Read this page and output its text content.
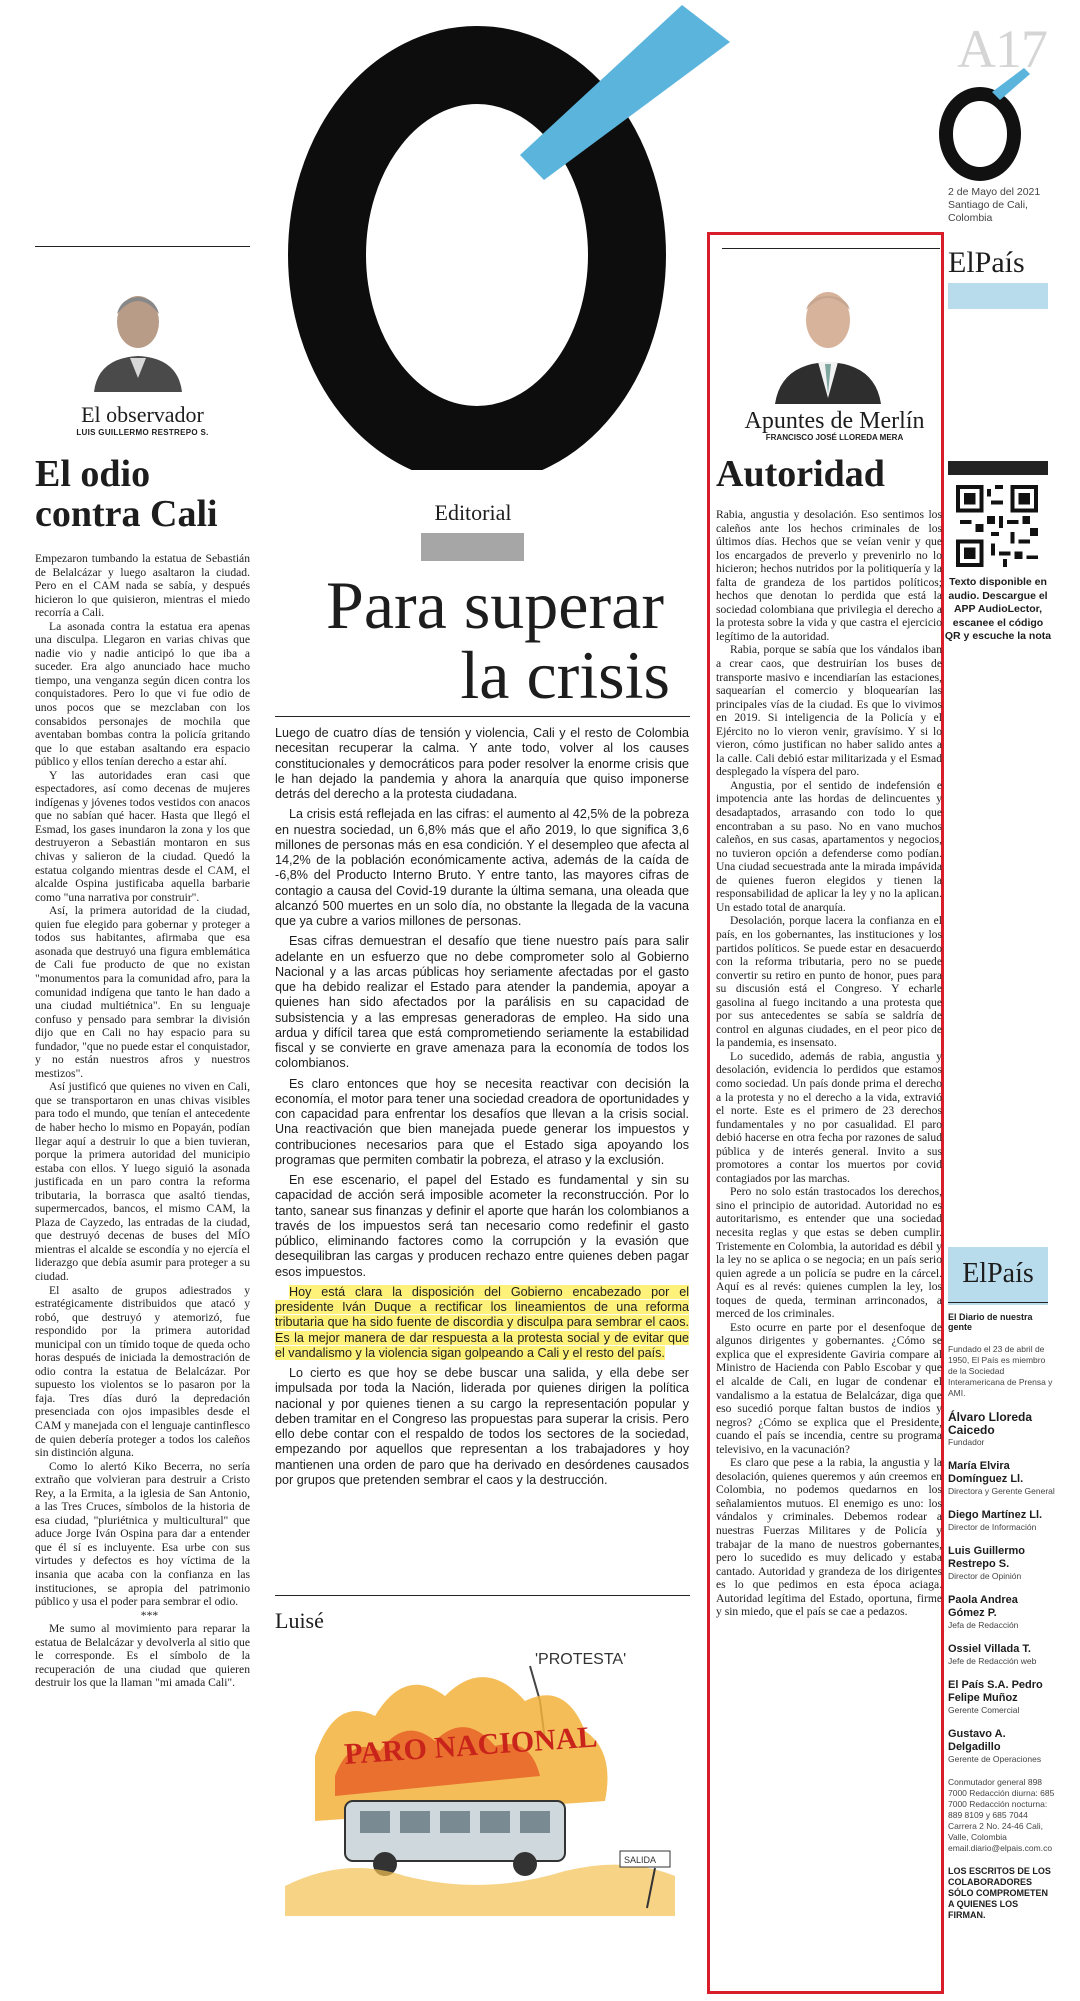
A17
2 de Mayo del 2021 Santiago de Cali, Colombia
El observador
LUIS GUILLERMO RESTREPO S.
El odio contra Cali

Empezaron tumbando la estatua de Sebastián de Belalcázar y luego asaltaron la ciudad. Pero en el CAM nada se sabía, y después hicieron lo que quisieron, mientras el miedo recorría a Cali.

La asonada contra la estatua era apenas una disculpa. Llegaron en varias chivas que nadie vio y nadie anticipó lo que iba a suceder. Era algo anunciado hace mucho tiempo, una venganza según dicen contra los conquistadores. Pero lo que vi fue odio de unos pocos que se mezclaban con los consabidos personajes de mochila que aventaban bombas contra la policía gritando que lo que estaban asaltando era espacio público y ellos tenían derecho a estar ahí.

Y las autoridades eran casi que espectadores, así como decenas de mujeres indígenas y jóvenes todos vestidos con anacos que no sabían qué hacer. Hasta que llegó el Esmad, los gases inundaron la zona y los que destruyeron a Sebastián montaron en sus chivas y salieron de la ciudad. Quedó la estatua colgando mientras desde el CAM, el alcalde Ospina justificaba aquella barbarie como "una narrativa por construir".

Así, la primera autoridad de la ciudad, quien fue elegido para gobernar y proteger a todos sus habitantes, afirmaba que esa asonada que destruyó una figura emblemática de Cali fue producto de que no existan "monumentos para la comunidad afro, para la comunidad indígena que tanto le han dado a una ciudad multiétnica". En su lenguaje confuso y pensado para sembrar la división dijo que en Cali no hay espacio para su fundador, "que no puede estar el conquistador, y no están nuestros afros y nuestros mestizos".

Así justificó que quienes no viven en Cali, que se transportaron en unas chivas visibles para todo el mundo, que tenían el antecedente de haber hecho lo mismo en Popayán, podían llegar aquí a destruir lo que a bien tuvieran, porque la primera autoridad del municipio estaba con ellos. Y luego siguió la asonada justificada en un paro contra la reforma tributaria, la borrasca que asaltó tiendas, supermercados, bancos, el mismo CAM, la Plaza de Cayzedo, las entradas de la ciudad, que destruyó decenas de buses del MÍO mientras el alcalde se escondía y no ejercía el liderazgo que debía asumir para proteger a su ciudad.

El asalto de grupos adiestrados y estratégicamente distribuidos que atacó y robó, que destruyó y atemorizó, fue respondido por la primera autoridad municipal con un tímido toque de queda ocho horas después de iniciada la demostración de odio contra la estatua de Belalcázar. Por supuesto los violentos se lo pasaron por la faja. Tres días duró la depredación presenciada con ojos impasibles desde el CAM y manejada con el lenguaje cantinflesco de quien debería proteger a todos los caleños sin distinción alguna.

Como lo alertó Kiko Becerra, no sería extraño que volvieran para destruir a Cristo Rey, a la Ermita, a la iglesia de San Antonio, a las Tres Cruces, símbolos de la historia de esa ciudad, "pluriétnica y multicultural" que aduce Jorge Iván Ospina para dar a entender que él sí es incluyente. Esa urbe con sus virtudes y defectos es hoy víctima de la insania que acaba con la confianza en las instituciones, se apropia del patrimonio público y usa el poder para sembrar el odio.

***

Me sumo al movimiento para reparar la estatua de Belalcázar y devolverla al sitio que le corresponde. Es el símbolo de la recuperación de una ciudad que quieren destruir los que la llaman "mi amada Cali".

Editorial
Para superar
la crisis

Luego de cuatro días de tensión y violencia, Cali y el resto de Colombia necesitan recuperar la calma. Y ante todo, volver al los causes constitucionales y democráticos para poder resolver la enorme crisis que le han dejado la pandemia y ahora la anarquía que quiso imponerse detrás del derecho a la protesta ciudadana.

La crisis está reflejada en las cifras: el aumento al 42,5% de la pobreza en nuestra sociedad, un 6,8% más que el año 2019, lo que significa 3,6 millones de personas más en esa condición. Y el desempleo que afecta al 14,2% de la población económicamente activa, además de la caída de -6,8% del Producto Interno Bruto. Y entre tanto, las mayores cifras de contagio a causa del Covid-19 durante la última semana, una oleada que alcanzó 500 muertes en un solo día, no obstante la llegada de la vacuna que ya cubre a varios millones de personas.

Esas cifras demuestran el desafío que tiene nuestro país para salir adelante en un esfuerzo que no debe comprometer solo al Gobierno Nacional y a las arcas públicas hoy seriamente afectadas por el gasto que ha debido realizar el Estado para atender la pandemia, apoyar a quienes han sido afectados por la parálisis en su capacidad de subsistencia y a las empresas generadoras de empleo. Ha sido una ardua y difícil tarea que está comprometiendo seriamente la estabilidad fiscal y se convierte en grave amenaza para la economía de todos los colombianos.

Es claro entonces que hoy se necesita reactivar con decisión la economía, el motor para tener una sociedad creadora de oportunidades y con capacidad para enfrentar los desafíos que llevan a la crisis social. Una reactivación que bien manejada puede generar los impuestos y contribuciones necesarios para que el Estado siga apoyando los programas que permiten combatir la pobreza, el atraso y la exclusión.

En ese escenario, el papel del Estado es fundamental y sin su capacidad de acción será imposible acometer la reconstrucción. Por lo tanto, sanear sus finanzas y definir el aporte que harán los colombianos a través de los impuestos será tan necesario como redefinir el gasto público, eliminando factores como la corrupción y la evasión que desequilibran las cargas y producen rechazo entre quienes deben pagar esos impuestos.

Hoy está clara la disposición del Gobierno encabezado por el presidente Iván Duque a rectificar los lineamientos de una reforma tributaria que ha sido fuente de discordia y disculpa para sembrar el caos. Es la mejor manera de dar respuesta a la protesta social y de evitar que el vandalismo y la violencia sigan golpeando a Cali y el resto del país.

Lo cierto es que hoy se debe buscar una salida, y ella debe ser impulsada por toda la Nación, liderada por quienes dirigen la política nacional y por quienes tienen a su cargo la representación popular y deben tramitar en el Congreso las propuestas para superar la crisis. Pero ello debe contar con el respaldo de todos los sectores de la sociedad, empezando por aquellos que representan a los trabajadores y hoy mantienen una orden de paro que ha derivado en desórdenes causados por grupos que pretenden sembrar el caos y la destrucción.

Luisé
'PROTESTA'
PARO NACIONAL
SALIDA
Apuntes de Merlín
FRANCISCO JOSÉ LLOREDA MERA
Autoridad

Rabia, angustia y desolación. Eso sentimos los caleños ante los hechos criminales de los últimos días. Hechos que se veían venir y que los encargados de preverlo y prevenirlo no lo hicieron; hechos nutridos por la politiquería y la falta de grandeza de los partidos políticos; hechos que denotan lo perdida que está la sociedad colombiana que privilegia el derecho a la protesta sobre la vida y que castra el ejercicio legítimo de la autoridad.

Rabia, porque se sabía que los vándalos iban a crear caos, que destruirían los buses de transporte masivo e incendiarían las estaciones, saquearían el comercio y bloquearían las principales vías de la ciudad. Es que lo vivimos en 2019. Si inteligencia de la Policía y el Ejército no lo vieron venir, gravísimo. Y si lo vieron, cómo justifican no haber salido antes a la calle. Cali debió estar militarizada y el Esmad desplegado la víspera del paro.

Angustia, por el sentido de indefensión e impotencia ante las hordas de delincuentes y desadaptados, arrasando con todo lo que encontraban a su paso. No en vano muchos caleños, en sus casas, apartamentos y negocios, no tuvieron opción a defenderse como podían. Una ciudad secuestrada ante la mirada impávida de quienes fueron elegidos y tienen la responsabilidad de aplicar la ley y no la aplican. Un estado total de anarquía.

Desolación, porque lacera la confianza en el país, en los gobernantes, las instituciones y los partidos políticos. Se puede estar en desacuerdo con la reforma tributaria, pero no se puede convertir su retiro en punto de honor, pues para su discusión está el Congreso. Y echarle gasolina al fuego incitando a una protesta que por sus antecedentes se sabía se saldría de control en algunas ciudades, en el peor pico de la pandemia, es insensato.

Lo sucedido, además de rabia, angustia y desolación, evidencia lo perdidos que estamos como sociedad. Un país donde prima el derecho a la protesta y no el derecho a la vida, extravió el norte. Este es el primero de 23 derechos fundamentales y no por casualidad. El paro debió hacerse en otra fecha por razones de salud pública y de interés general. Invito a sus promotores a contar los muertos por covid contagiados por las marchas.

Pero no solo están trastocados los derechos, sino el principio de autoridad. Autoridad no es autoritarismo, es entender que una sociedad necesita reglas y que estas se deben cumplir. Tristemente en Colombia, la autoridad es débil y la ley no se aplica o se negocia; en un país serio quien agrede a un policía se pudre en la cárcel. Aquí es al revés: quienes cumplen la ley, los toques de queda, terminan arrinconados, a merced de los criminales.

Esto ocurre en parte por el desenfoque de algunos dirigentes y gobernantes. ¿Cómo se explica que el expresidente Gaviria compare al Ministro de Hacienda con Pablo Escobar y que el alcalde de Cali, en lugar de condenar el vandalismo a la estatua de Belalcázar, diga que eso sucedió porque faltan bustos de indios y negros? ¿Cómo se explica que el Presidente, cuando el país se incendia, centre su programa televisivo, en la vacunación?

Es claro que pese a la rabia, la angustia y la desolación, quienes queremos y aún creemos en Colombia, no podemos quedarnos en los señalamientos mutuos. El enemigo es uno: los vándalos y criminales. Debemos rodear a nuestras Fuerzas Militares y de Policía y trabajar de la mano de nuestros gobernantes, pero lo sucedido es muy delicado y estaba cantado. Autoridad y grandeza de los dirigentes es lo que pedimos en esta época aciaga. Autoridad legítima del Estado, oportuna, firme y sin miedo, que el país se cae a pedazos.

ElPaís
Texto disponible en audio. Descargue el APP AudioLector, escanee el código QR y escuche la nota
ElPaís
El Diario de nuestra gente
Fundado el 23 de abril de 1950, El País es miembro de la Sociedad Interamericana de Prensa y AMI.
Álvaro Lloreda Caicedo
Fundador
María Elvira Domínguez Ll.
Directora y Gerente General
Diego Martínez Ll.
Director de Información
Luis Guillermo Restrepo S.
Director de Opinión
Paola Andrea Gómez P.
Jefa de Redacción
Ossiel Villada T.
Jefe de Redacción web
El País S.A. Pedro Felipe Muñoz
Gerente Comercial
Gustavo A. Delgadillo
Gerente de Operaciones
Conmutador general 898 7000 Redacción diurna: 685 7000 Redacción nocturna: 889 8109 y 685 7044 Carrera 2 No. 24-46 Cali, Valle, Colombia email.diario@elpais.com.co
LOS ESCRITOS DE LOS COLABORADORES SÓLO COMPROMETEN A QUIENES LOS FIRMAN.
